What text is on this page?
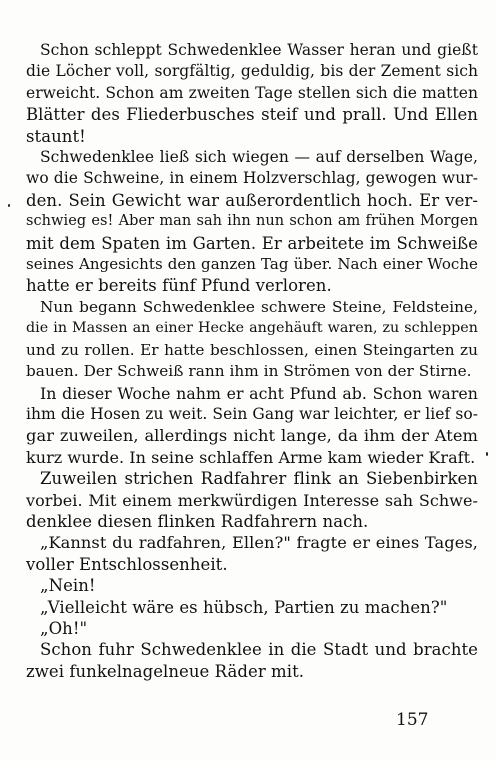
Schon schleppt Schwedenklee Wasser heran und gießt
die Löcher voll, sorgfältig, geduldig, bis der Zement sich
erweicht. Schon am zweiten Tage stellen sich die matten
Blätter des Fliederbusches steif und prall. Und Ellen
staunt!
Schwedenklee ließ sich wiegen — auf derselben Wage,
wo die Schweine, in einem Holzverschlag, gewogen wur-
den. Sein Gewicht war außerordentlich hoch. Er ver-
schwieg es! Aber man sah ihn nun schon am frühen Morgen
mit dem Spaten im Garten. Er arbeitete im Schweiße
seines Angesichts den ganzen Tag über. Nach einer Woche
hatte er bereits fünf Pfund verloren.
Nun begann Schwedenklee schwere Steine, Feldsteine,
die in Massen an einer Hecke angehäuft waren, zu schleppen
und zu rollen. Er hatte beschlossen, einen Steingarten zu
bauen. Der Schweiß rann ihm in Strömen von der Stirne.
In dieser Woche nahm er acht Pfund ab. Schon waren
ihm die Hosen zu weit. Sein Gang war leichter, er lief so-
gar zuweilen, allerdings nicht lange, da ihm der Atem
kurz wurde. In seine schlaffen Arme kam wieder Kraft.
Zuweilen strichen Radfahrer flink an Siebenbirken
vorbei. Mit einem merkwürdigen Interesse sah Schwe-
denklee diesen flinken Radfahrern nach.
„Kannst du radfahren, Ellen?" fragte er eines Tages,
voller Entschlossenheit.
„Nein!
„Vielleicht wäre es hübsch, Partien zu machen?"
„Oh!"
Schon fuhr Schwedenklee in die Stadt und brachte
zwei funkelnagelneue Räder mit.
157
